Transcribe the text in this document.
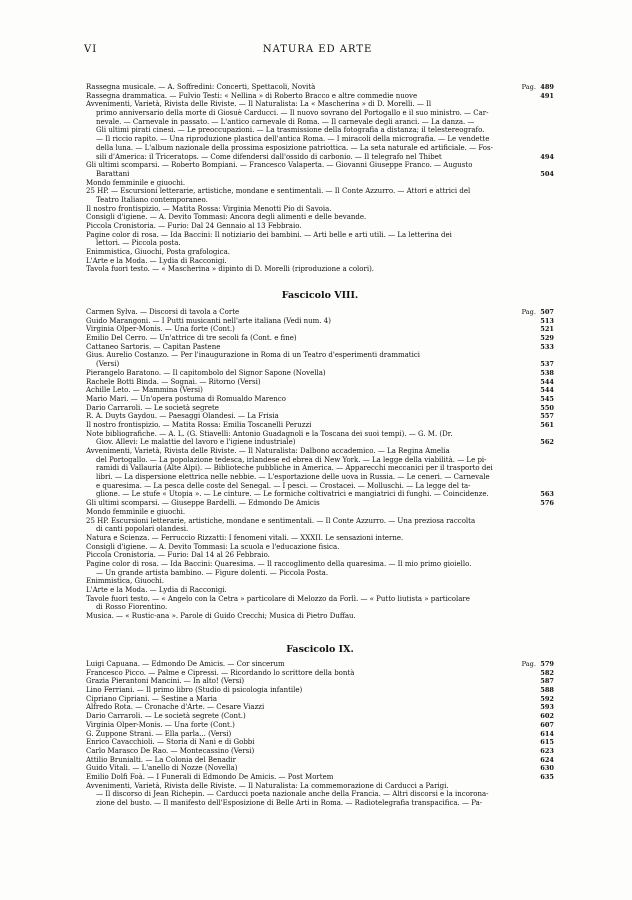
VI	NATURA ED ARTE
Rassegna musicale. — A. Soffredini: Concerti, Spettacoli, Novità	Pag. 489
Rassegna drammatica. — Fulvio Testi: « Nellina » di Roberto Bracco e altre commedie nuove	491
Avvenimenti, Varietà, Rivista delle Riviste. — Il Naturalista: La « Mascherina » di D. Morelli. — Il
primo anniversario della morte di Giosuè Carducci. — Il nuovo sovrano del Portogallo e il suo ministro. — Car-
nevale. — Carnevale in passato. — L'antico carnevale di Roma. — Il carnevale degli aranci. — La danza. —
Gli ultimi pirati cinesi. — Le preoccupazioni. — La trasmissione della fotografia a distanza; il telestereografo.
— Il riccio rapito. — Una riproduzione plastica dell'antica Roma. — I miracoli della micrografia. — Le vendette
della luna. — L'album nazionale della prossima esposizione patriottica. — La seta naturale ed artificiale. — Fos-
sili d'America: il Triceratops. — Come difendersi dall'ossido di carbonio. — Il telegrafo nel Thibet	494
Gli ultimi scomparsi. — Roberto Bompiani. — Francesco Valaperta. — Giovanni Giuseppe Franco. — Augusto
Barattani	504
Mondo femminile e giuochi.
25 HP. — Escursioni letterarie, artistiche, mondane e sentimentali. — Il Conte Azzurro. — Attori e attrici del
Teatro Italiano contemporaneo.
Il nostro frontispizio. — Matita Rossa: Virginia Menotti Pio di Savoia.
Consigli d'igiene. — A. Devito Tommasi: Ancora degli alimenti e delle bevande.
Piccola Cronistoria. — Furio: Dal 24 Gennaio al 13 Febbraio.
Pagine color di rosa. — Ida Baccini: Il notiziario dei bambini. — Arti belle e arti utili. — La letterina dei
lettori. — Piccola posta.
Enimmistica, Giuochi, Posta grafologica.
L'Arte e la Moda. — Lydia di Racconigi.
Tavola fuori testo. — « Mascherina » dipinto di D. Morelli (riproduzione a colori).
Fascicolo VIII.
Carmen Sylva. — Discorsi di tavola a Corte	Pag. 507
Guido Marangoni. — I Putti musicanti nell'arte italiana (Vedi num. 4)	513
Virginia Olper-Monis. — Una forte (Cont.)	521
Emilio Del Cerro. — Un'attrice di tre secoli fa (Cont. e fine)	529
Cattaneo Sartoris. — Capitan Pastene	533
Gius. Aurelio Costanzo. — Per l'inaugurazione in Roma di un Teatro d'esperimenti drammatici
(Versi)	537
Pierangelo Baratono. — Il capitombolo del Signor Sapone (Novella)	538
Rachele Botti Binda. — Sognai. — Ritorno (Versi)	544
Achille Leto. — Mammina (Versi)	544
Mario Mari. — Un'opera postuma di Romualdo Marenco	545
Dario Carraroli. — Le società segrete	550
R. A. Duyts Gaydou. — Paesaggi Olandesi. — La Frisia	557
Il nostro frontispizio. — Matita Rossa: Emilia Toscanelli Peruzzi	561
Note bibliografiche. — A. L. (G. Stiavelli: Antonio Guadagnoli e la Toscana dei suoi tempi). — G. M. (Dr.
Giov. Allevi: Le malattie del lavoro e l'igiene industriale)	562
Avvenimenti, Varietà, Rivista delle Riviste. — Il Naturalista: Dalbono accademico. — La Regina Amelia
del Portogallo. — La popolazione tedesca, irlandese ed ebrea di New York. — La legge della viabilità. — Le pi-
ramidi di Vallauria (Alte Alpi). — Biblioteche pubbliche in America. — Apparecchi meccanici per il trasporto dei
libri. — La dispersione elettrica nelle nebbie. — L'esportazione delle uova in Russia. — Le ceneri. — Carnevale
e quaresima. — La pesca delle coste del Senegal. — I pesci. — Crostacei. — Molluschi. — La legge del ta-
glione. — Le stufe « Utopia ». — Le cinture. — Le formiche coltivatrici e mangiatrici di funghi. — Coincidenze.	563
Gli ultimi scomparsi. — Giuseppe Bardelli. — Edmondo De Amicis	576
Mondo femminile e giuochi.
25 HP. Escursioni letterarie, artistiche, mondane e sentimentali. — Il Conte Azzurro. — Una preziosa raccolta
di canti popolari olandesi.
Natura e Scienza. — Ferruccio Rizzatti: I fenomeni vitali. — XXXII. Le sensazioni interne.
Consigli d'igiene. — A. Devito Tommasi: La scuola e l'educazione fisica.
Piccola Cronistoria. — Furio: Dal 14 al 26 Febbraio.
Pagine color di rosa. — Ida Baccini: Quaresima. — Il raccoglimento della quaresima. — Il mio primo gioiello.
— Un grande artista bambino. — Figure dolenti. — Piccola Posta.
Enimmistica, Giuochi.
L'Arte e la Moda. — Lydia di Racconigi.
Tavole fuori testo. — « Angelo con la Cetra » particolare di Melozzo da Forlì. — « Putto liutista » particolare
di Rosso Fiorentino.
Musica. — « Rustic-ana ». Parole di Guido Crecchi; Musica di Pietro Duffau.
Fascicolo IX.
Luigi Capuana. — Edmondo De Amicis. — Cor sincerum	Pag. 579
Francesco Picco. — Palme e Cipressi. — Ricordando lo scrittore della bontà	582
Grazia Pierantoni Mancini. — In alto! (Versi)	587
Lino Ferriani. — Il primo libro (Studio di psicologia infantile)	588
Cipriano Cipriani. — Sestine a Maria	592
Alfredo Rota. — Cronache d'Arte. — Cesare Viazzi	593
Dario Carraroli. — Le società segrete (Cont.)	602
Virginia Olper-Monis. — Una forte (Cont.)	607
G. Zuppone Strani. — Ella parla... (Versi)	614
Enrico Cavacchioli. — Storia di Nani e di Gobbi	615
Carlo Marasco De Rao. — Montecassino (Versi)	623
Attilio Brunialti. — La Colonia del Benadir	624
Guido Vitali. — L'anello di Nozze (Novella)	630
Emilio Dolfi Foà. — I Funerali di Edmondo De Amicis. — Post Mortem	635
Avvenimenti, Varietà, Rivista delle Riviste. — Il Naturalista: La commemorazione di Carducci a Parigi.
— Il discorso di Jean Richepin. — Carducci poeta nazionale anche della Francia. — Altri discorsi e la incorona-
zione del busto. — Il manifesto dell'Esposizione di Belle Arti in Roma. — Radiotelegrafia transpacifica. — Pa-
